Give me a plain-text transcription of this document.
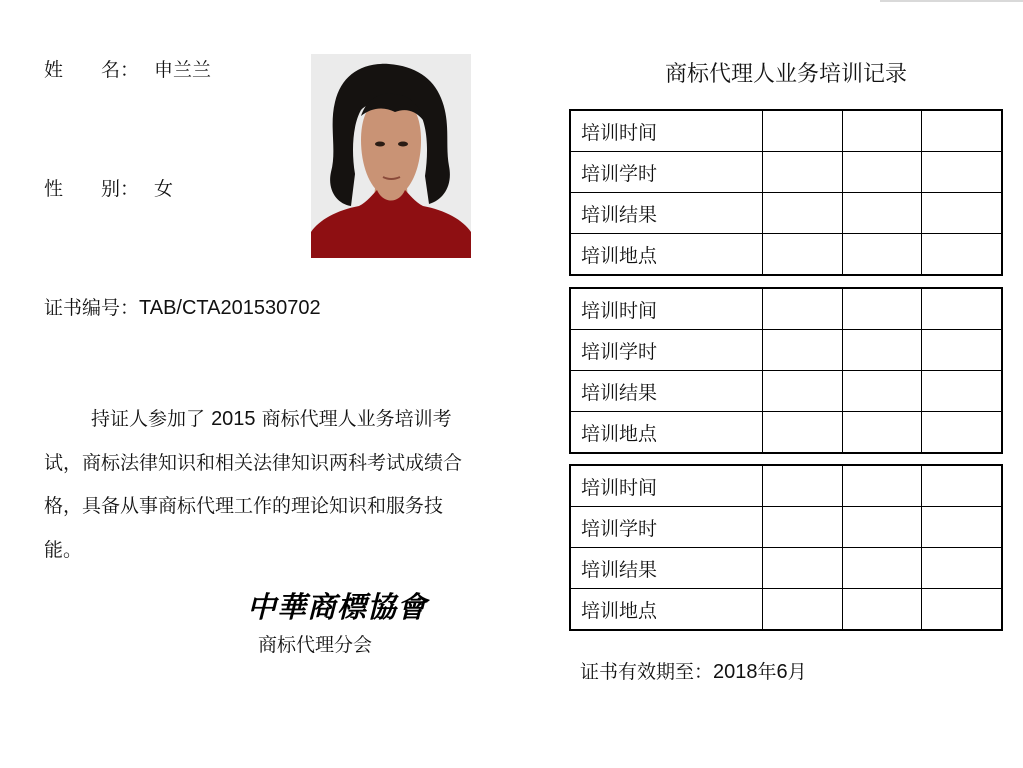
姓　　名： 申兰兰
性　　别： 女
证书编号：TAB/CTA201530702
持证人参加了 2015 商标代理人业务培训考试，商标法律知识和相关法律知识两科考试成绩合格，具备从事商标代理工作的理论知识和服务技能。
中華商標協會
商标代理分会
商标代理人业务培训记录
培训时间			
培训学时			
培训结果			
培训地点			
培训时间			
培训学时			
培训结果			
培训地点			
培训时间			
培训学时			
培训结果			
培训地点			
证书有效期至：2018年6月
